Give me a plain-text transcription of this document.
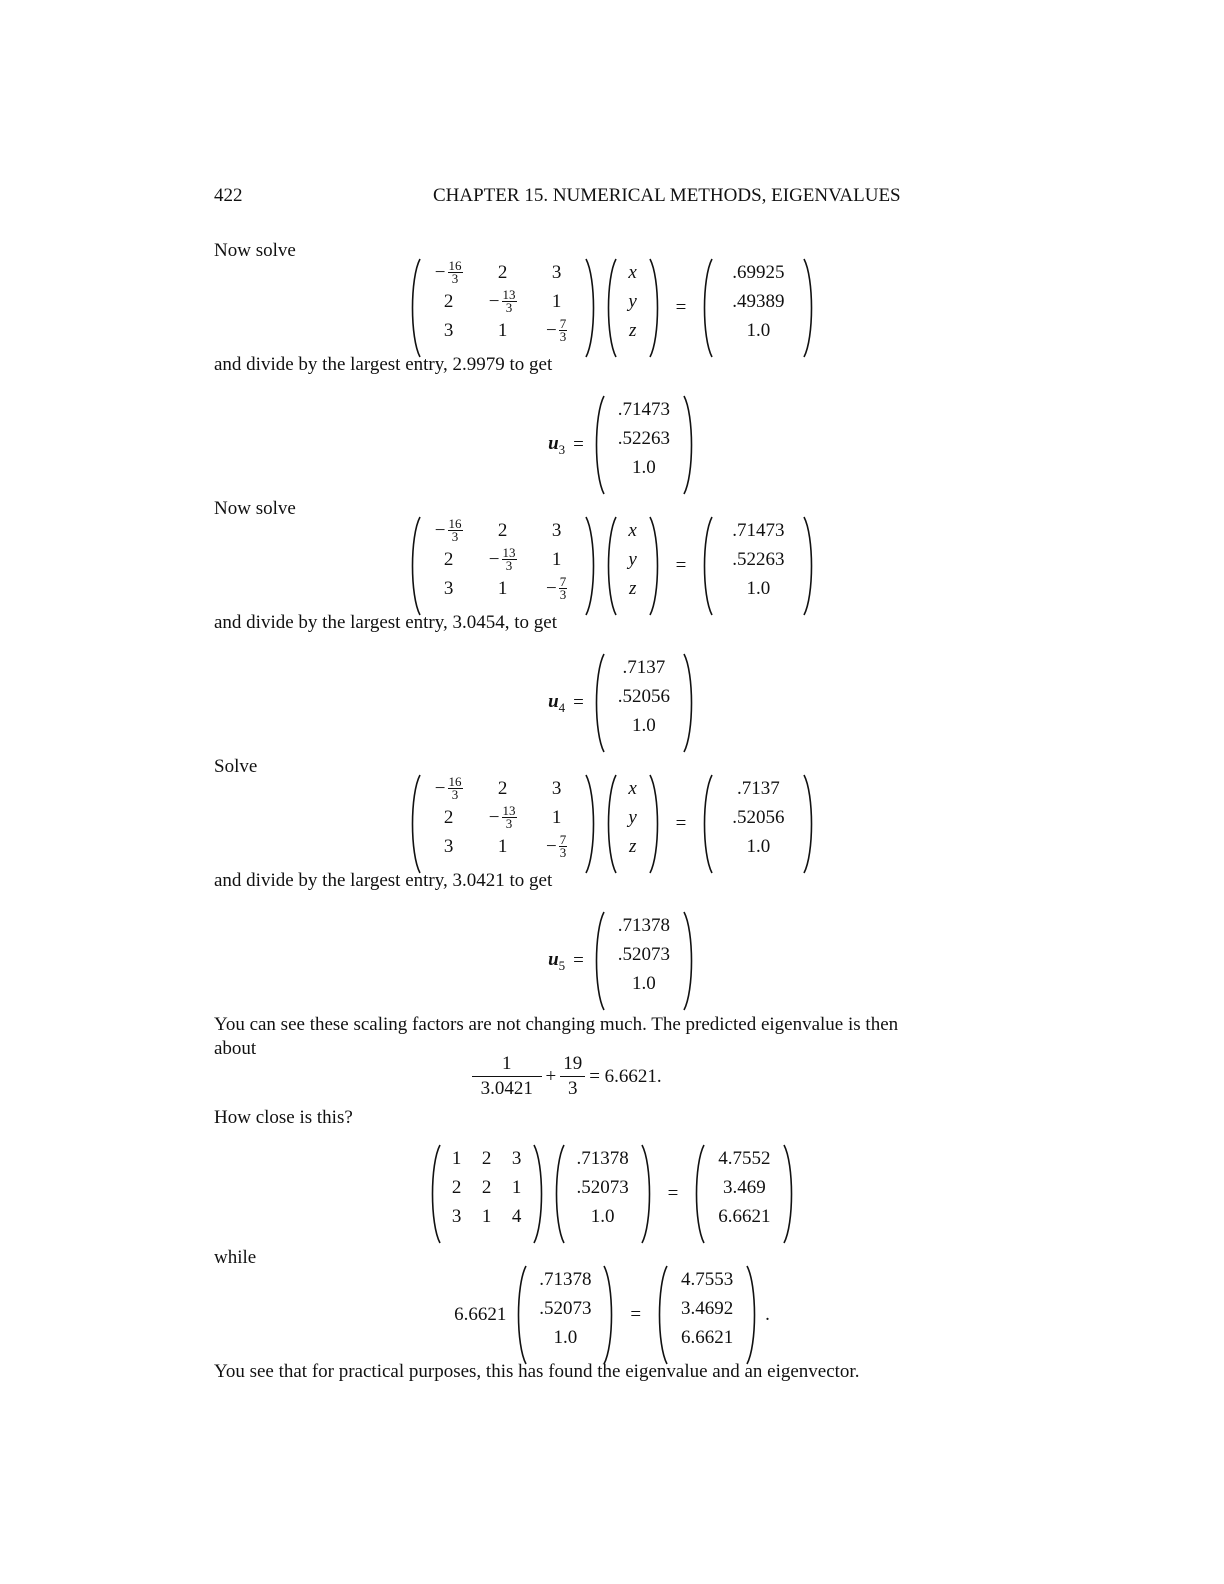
422	CHAPTER 15. NUMERICAL METHODS, EIGENVALUES
Now solve
− $\frac{16}{3} 2$ 3
$2 - \frac{13}{3} 1$
3 $1 - \frac{7}{3}$
x
y
z
=
.69925
.49389
1.0
and divide by the largest entry, 2.9979 to get
$u_3$ =
.71473
.52263
1.0
Now solve
− $\frac{16}{3} 2$ 3
$2 - \frac{13}{3} 1$
3 $1 - \frac{7}{3}$
x
y
z
=
.71473
.52263
1.0
and divide by the largest entry, 3.0454, to get
$u_4$ =
.7137
.52056
1.0
Solve
− $\frac{16}{3} 2$ 3
$2 - \frac{13}{3} 1$
3 $1 - \frac{7}{3}$
x
y
z
=
.7137
.52056
1.0
and divide by the largest entry, 3.0421 to get
$u_5$ =
.71378
.52073
1.0
You can see these scaling factors are not changing much. The predicted eigenvalue is then
about
1
3.0421
+ $\frac{19}{3} = 6.6621$.
How close is this?
1 2 3
2 2 1
3 1 4
.71378
.52073
1.0
=
4.7552
3.469
6.6621
while
6.6621
.71378
.52073
1.0
=
4.7553
3.4692
6.6621
.
You see that for practical purposes, this has found the eigenvalue and an eigenvector.
